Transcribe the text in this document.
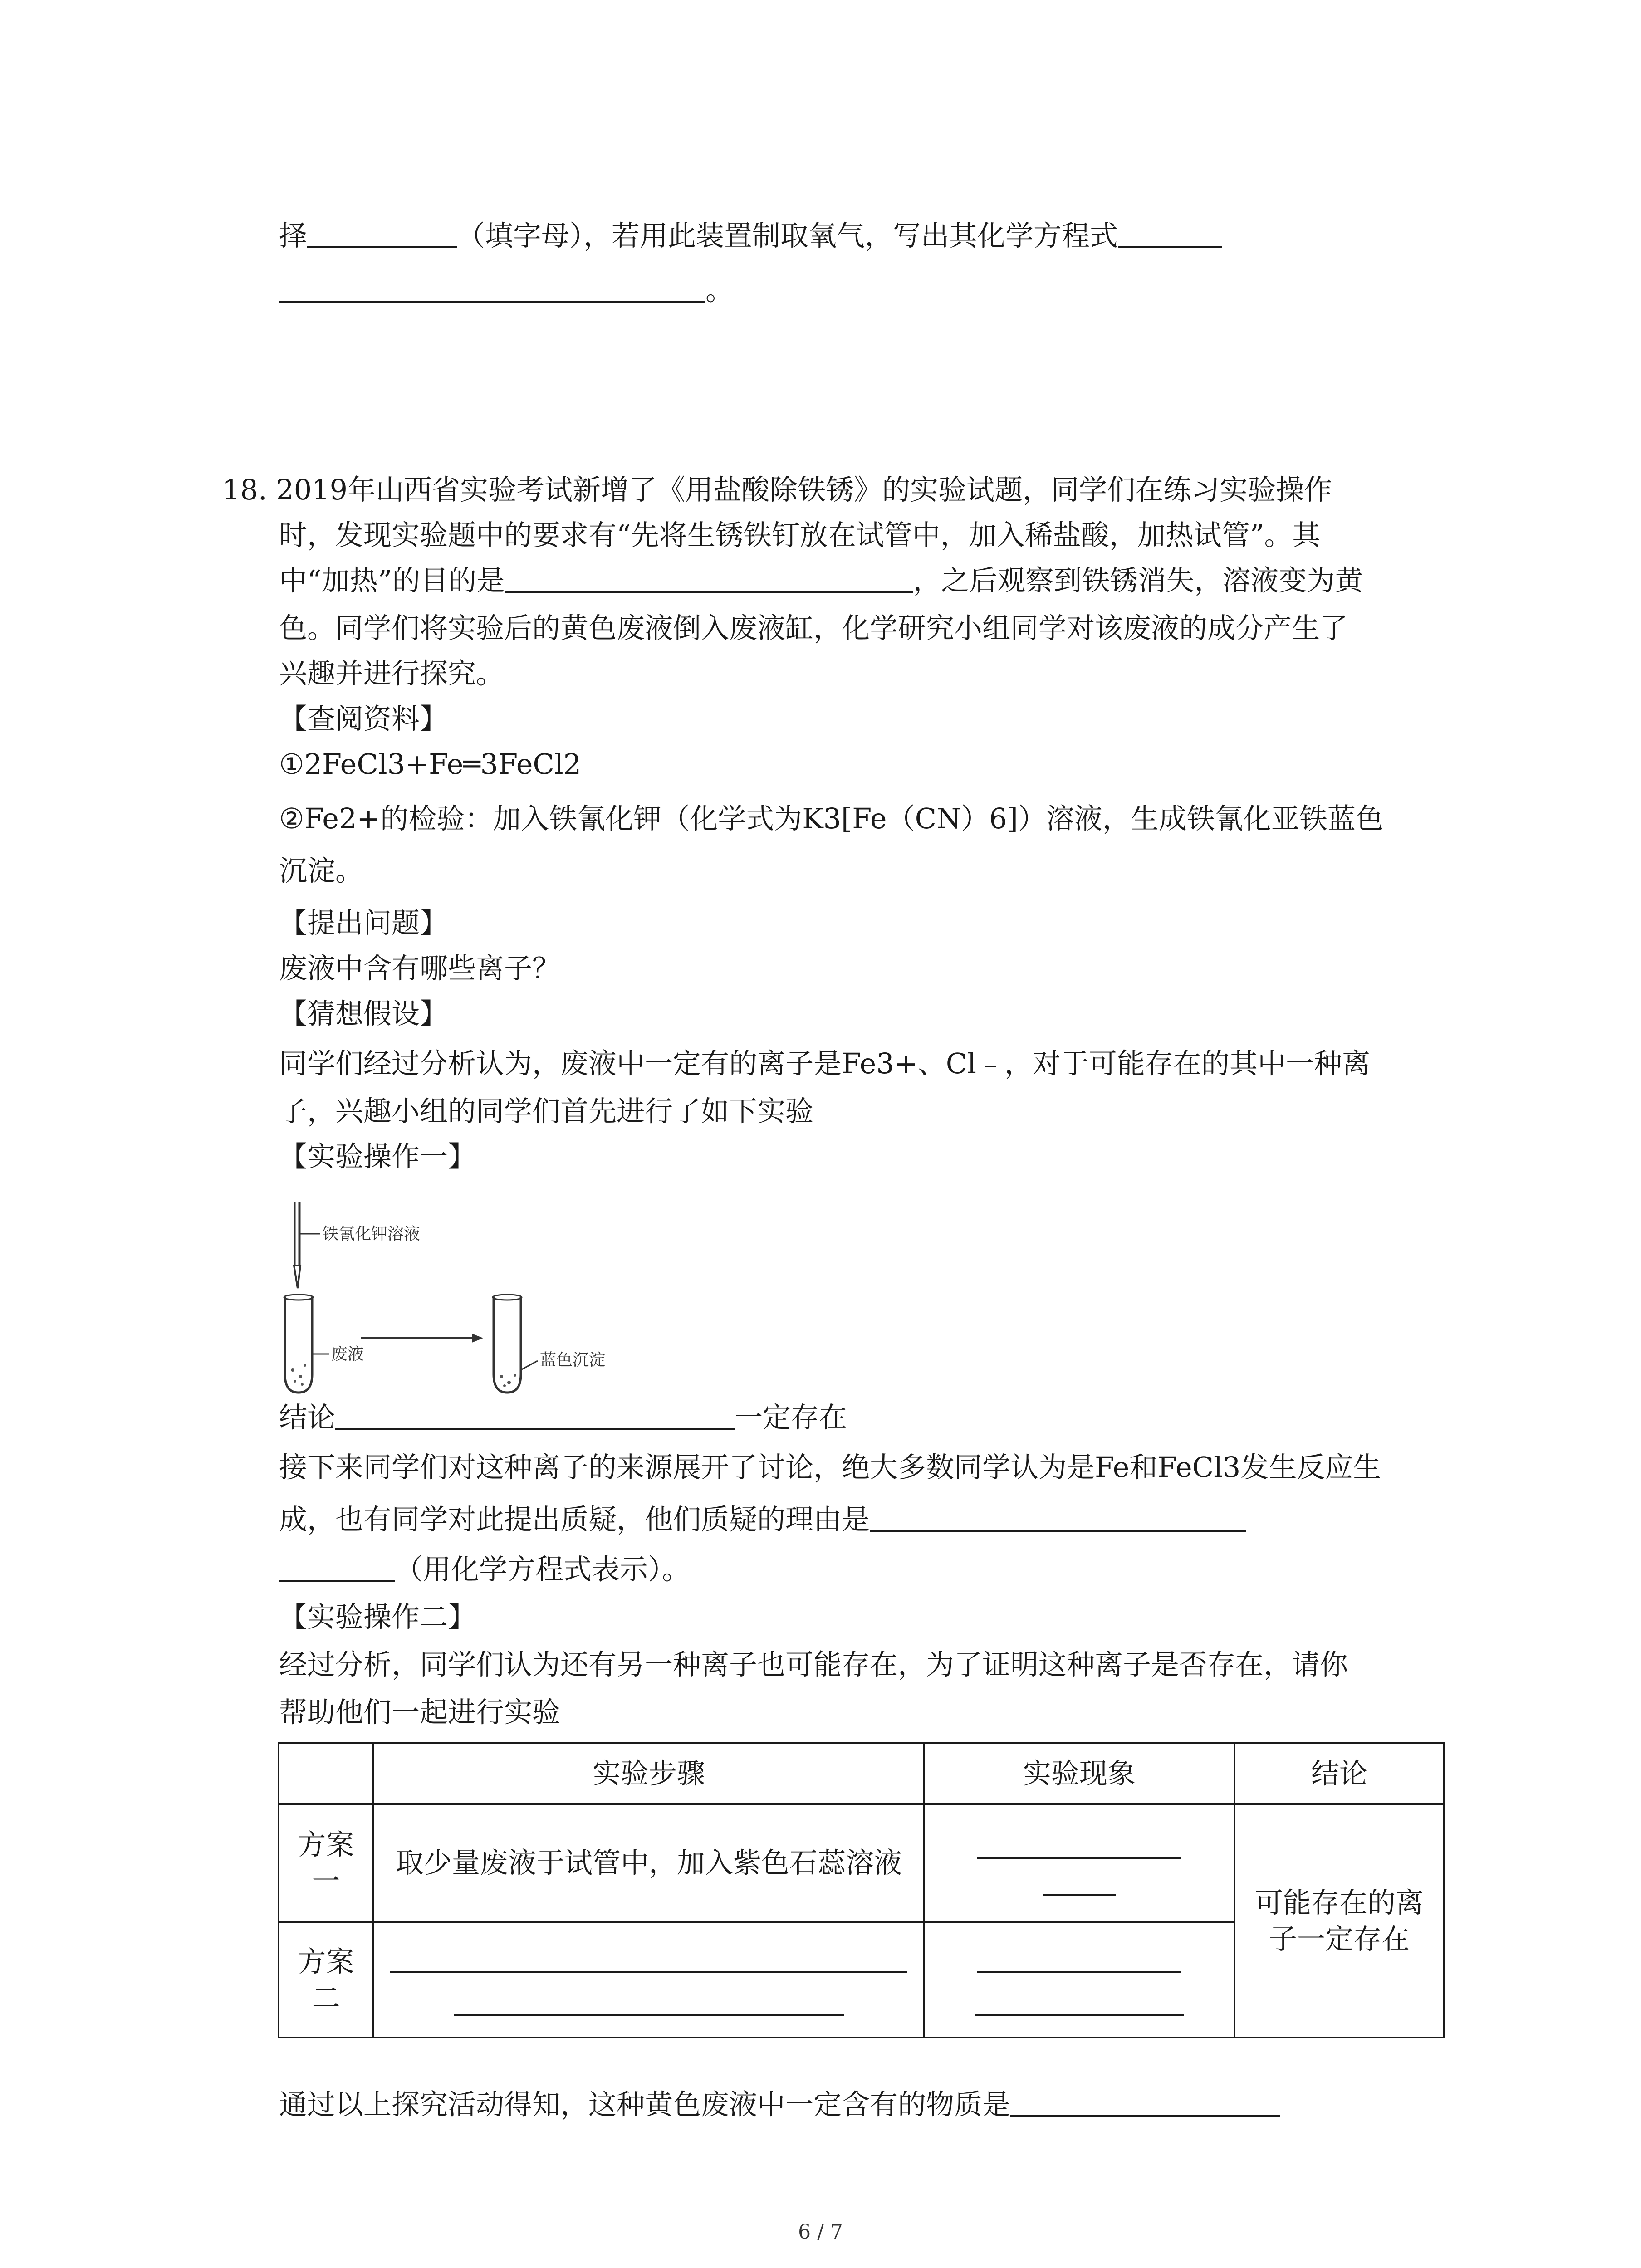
择	（填字母），若用此装置制取氧气，写出其化学方程式
。
18. 2019年山西省实验考试新增了《用盐酸除铁锈》的实验试题，同学们在练习实验操作
时，发现实验题中的要求有“先将生锈铁钉放在试管中，加入稀盐酸，加热试管”。其
中“加热”的目的是	，之后观察到铁锈消失，溶液变为黄
色。同学们将实验后的黄色废液倒入废液缸，化学研究小组同学对该废液的成分产生了
兴趣并进行探究。
【查阅资料】
①2FeCl3+Fe═3FeCl2
②Fe2+的检验：加入铁氰化钾（化学式为K3[Fe（CN）6]）溶液，生成铁氰化亚铁蓝色
沉淀。
【提出问题】
废液中含有哪些离子？
【猜想假设】
同学们经过分析认为，废液中一定有的离子是Fe3+、Cl﹣，对于可能存在的其中一种离
子，兴趣小组的同学们首先进行了如下实验
【实验操作一】
铁氰化钾溶液
废液	蓝色沉淀
结论	一定存在
接下来同学们对这种离子的来源展开了讨论，绝大多数同学认为是Fe和FeCl3发生反应生
成，也有同学对此提出质疑，他们质疑的理由是
（用化学方程式表示）。
【实验操作二】
经过分析，同学们认为还有另一种离子也可能存在，为了证明这种离子是否存在，请你
帮助他们一起进行实验
	实验步骤	实验现象	结论
方案一	取少量废液于试管中，加入紫色石蕊溶液		可能存在的离子一定存在
方案二		

通过以上探究活动得知，这种黄色废液中一定含有的物质是
6 / 7
